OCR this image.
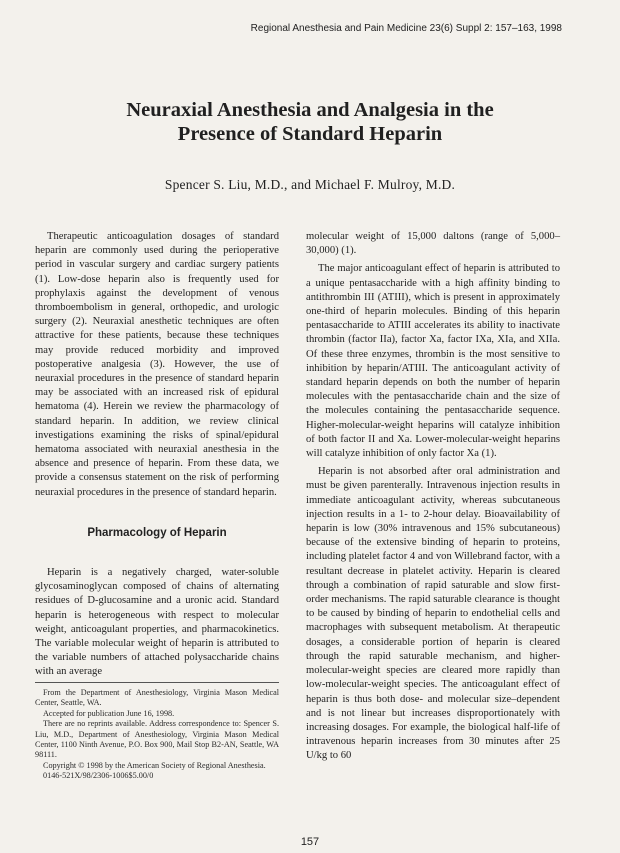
Regional Anesthesia and Pain Medicine 23(6) Suppl 2: 157–163, 1998
Neuraxial Anesthesia and Analgesia in the
Presence of Standard Heparin
Spencer S. Liu, M.D., and Michael F. Mulroy, M.D.

Therapeutic anticoagulation dosages of standard heparin are commonly used during the perioperative period in vascular surgery and cardiac surgery patients (1). Low-dose heparin also is frequently used for prophylaxis against the development of venous thromboembolism in general, orthopedic, and urologic surgery (2). Neuraxial anesthetic techniques are often attractive for these patients, because these techniques may provide reduced morbidity and improved postoperative analgesia (3). However, the use of neuraxial procedures in the presence of standard heparin may be associated with an increased risk of epidural hematoma (4). Herein we review the pharmacology of standard heparin. In addition, we review clinical investigations examining the risks of spinal/epidural hematoma associated with neuraxial anesthesia in the absence and presence of heparin. From these data, we provide a consensus statement on the risk of performing neuraxial procedures in the presence of standard heparin.

Pharmacology of Heparin

Heparin is a negatively charged, water-soluble glycosaminoglycan composed of chains of alternating residues of D-glucosamine and a uronic acid. Standard heparin is heterogeneous with respect to molecular weight, anticoagulant properties, and pharmacokinetics. The variable molecular weight of heparin is attributed to the variable numbers of attached polysaccharide chains with an average

molecular weight of 15,000 daltons (range of 5,000–30,000) (1).

The major anticoagulant effect of heparin is attributed to a unique pentasaccharide with a high affinity binding to antithrombin III (ATIII), which is present in approximately one-third of heparin molecules. Binding of this heparin pentasaccharide to ATIII accelerates its ability to inactivate thrombin (factor IIa), factor Xa, factor IXa, XIa, and XIIa. Of these three enzymes, thrombin is the most sensitive to inhibition by heparin/ATIII. The anticoagulant activity of standard heparin depends on both the number of heparin molecules with the pentasaccharide chain and the size of the molecules containing the pentasaccharide sequence. Higher-molecular-weight heparins will catalyze inhibition of both factor II and Xa. Lower-molecular-weight heparins will catalyze inhibition of only factor Xa (1).

Heparin is not absorbed after oral administration and must be given parenterally. Intravenous injection results in immediate anticoagulant activity, whereas subcutaneous injection results in a 1- to 2-hour delay. Bioavailability of heparin is low (30% intravenous and 15% subcutaneous) because of the extensive binding of heparin to proteins, including platelet factor 4 and von Willebrand factor, with a resultant decrease in platelet activity. Heparin is cleared through a combination of rapid saturable and slow first-order mechanisms. The rapid saturable clearance is thought to be caused by binding of heparin to endothelial cells and macrophages with subsequent metabolism. At therapeutic dosages, a considerable portion of heparin is cleared through the rapid saturable mechanism, and higher-molecular-weight species are cleared more rapidly than low-molecular-weight species. The anticoagulant effect of heparin is thus both dose- and molecular size–dependent and is not linear but increases disproportionately with increasing dosages. For example, the biological half-life of intravenous heparin increases from 30 minutes after 25 U/kg to 60

From the Department of Anesthesiology, Virginia Mason Medical Center, Seattle, WA.

Accepted for publication June 16, 1998.

There are no reprints available. Address correspondence to: Spencer S. Liu, M.D., Department of Anesthesiology, Virginia Mason Medical Center, 1100 Ninth Avenue, P.O. Box 900, Mail Stop B2-AN, Seattle, WA 98111.

Copyright © 1998 by the American Society of Regional Anesthesia.

0146-521X/98/2306-1006$5.00/0

157
